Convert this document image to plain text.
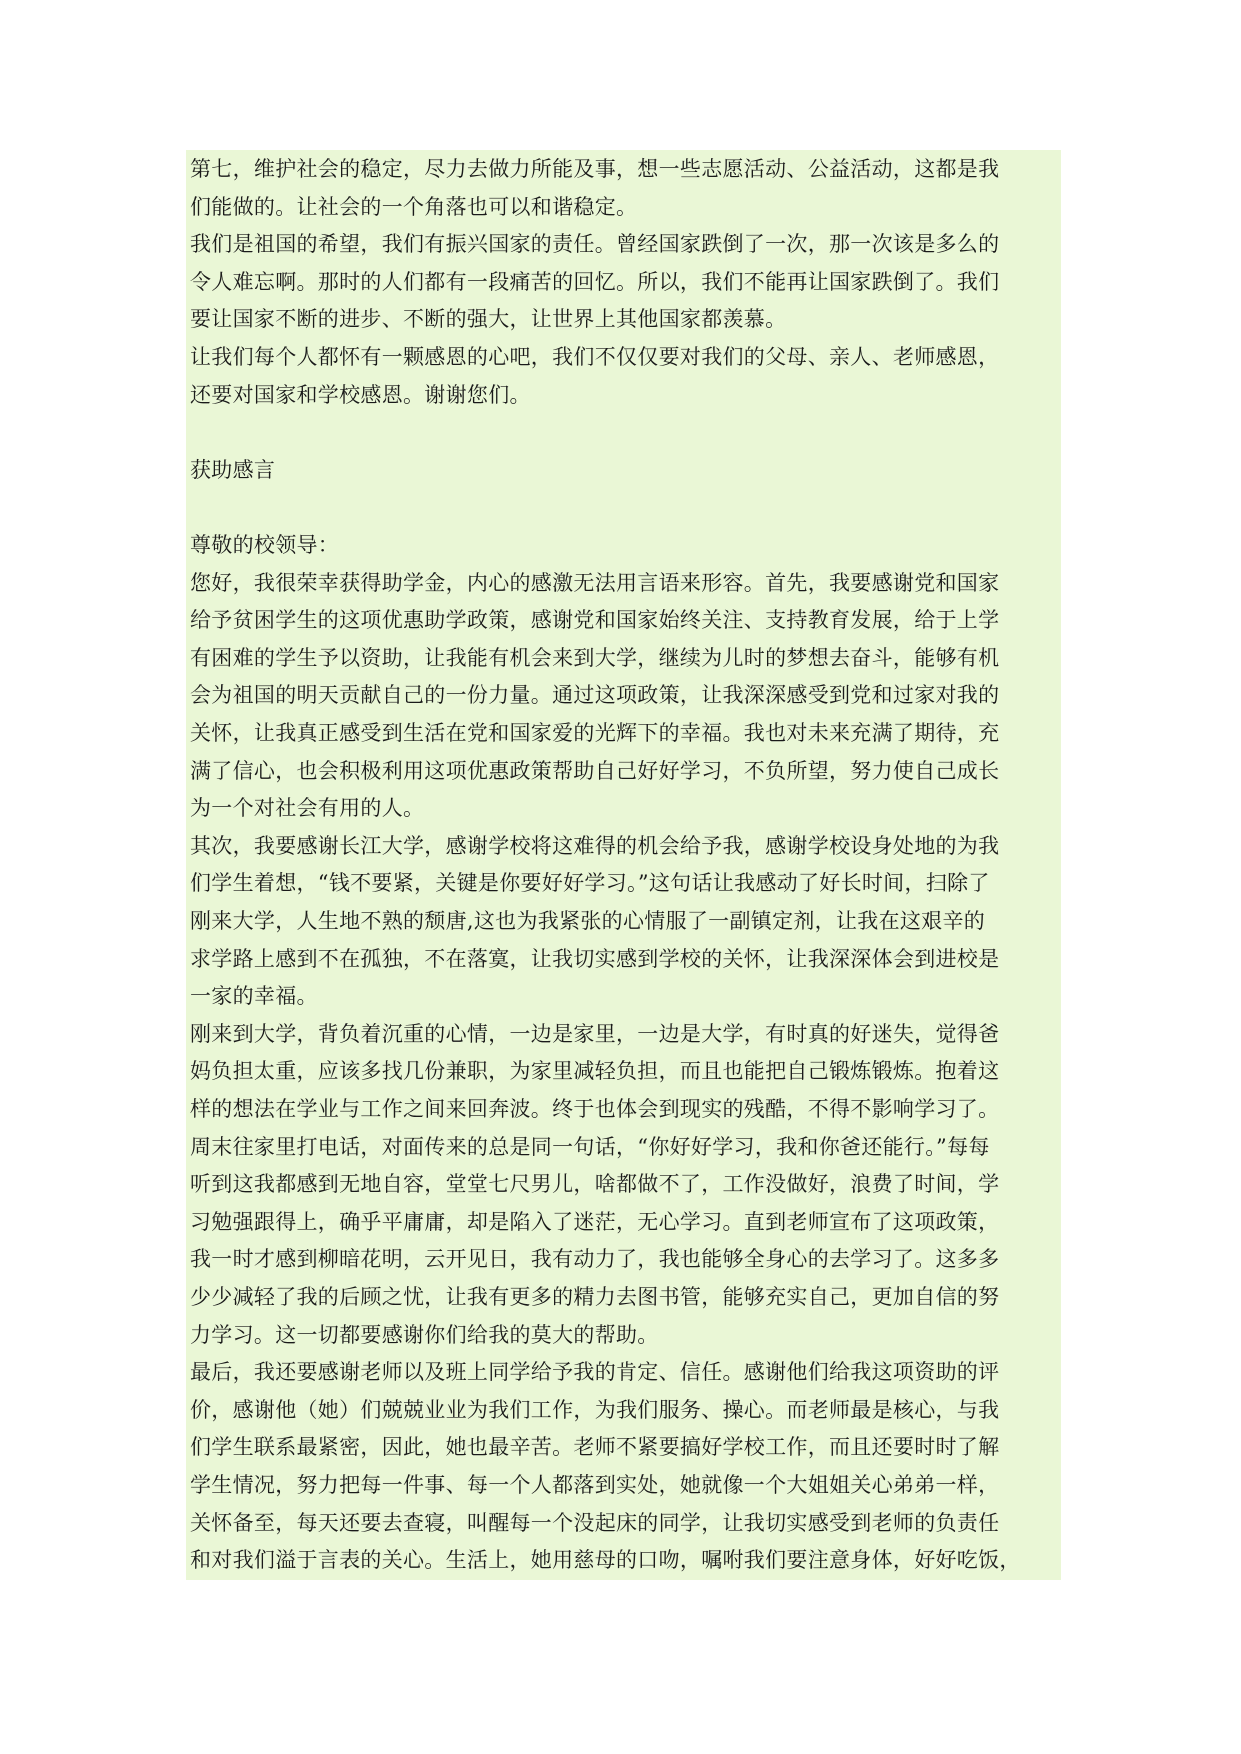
第七，维护社会的稳定，尽力去做力所能及事，想一些志愿活动、公益活动，这都是我
们能做的。让社会的一个角落也可以和谐稳定。
我们是祖国的希望，我们有振兴国家的责任。曾经国家跌倒了一次，那一次该是多么的
令人难忘啊。那时的人们都有一段痛苦的回忆。所以，我们不能再让国家跌倒了。我们
要让国家不断的进步、不断的强大，让世界上其他国家都羡慕。
让我们每个人都怀有一颗感恩的心吧，我们不仅仅要对我们的父母、亲人、老师感恩，
还要对国家和学校感恩。谢谢您们。
获助感言
尊敬的校领导：
您好，我很荣幸获得助学金，内心的感激无法用言语来形容。首先，我要感谢党和国家
给予贫困学生的这项优惠助学政策，感谢党和国家始终关注、支持教育发展，给于上学
有困难的学生予以资助，让我能有机会来到大学，继续为儿时的梦想去奋斗，能够有机
会为祖国的明天贡献自己的一份力量。通过这项政策，让我深深感受到党和过家对我的
关怀，让我真正感受到生活在党和国家爱的光辉下的幸福。我也对未来充满了期待，充
满了信心，也会积极利用这项优惠政策帮助自己好好学习，不负所望，努力使自己成长
为一个对社会有用的人。
其次，我要感谢长江大学，感谢学校将这难得的机会给予我，感谢学校设身处地的为我
们学生着想，“钱不要紧，关键是你要好好学习。”这句话让我感动了好长时间，扫除了
刚来大学，人生地不熟的颓唐,这也为我紧张的心情服了一副镇定剂，让我在这艰辛的
求学路上感到不在孤独，不在落寞，让我切实感到学校的关怀，让我深深体会到进校是
一家的幸福。
刚来到大学，背负着沉重的心情，一边是家里，一边是大学，有时真的好迷失，觉得爸
妈负担太重，应该多找几份兼职，为家里减轻负担，而且也能把自己锻炼锻炼。抱着这
样的想法在学业与工作之间来回奔波。终于也体会到现实的残酷，不得不影响学习了。
周末往家里打电话，对面传来的总是同一句话，“你好好学习，我和你爸还能行。”每每
听到这我都感到无地自容，堂堂七尺男儿，啥都做不了，工作没做好，浪费了时间，学
习勉强跟得上，确乎平庸庸，却是陷入了迷茫，无心学习。直到老师宣布了这项政策，
我一时才感到柳暗花明，云开见日，我有动力了，我也能够全身心的去学习了。这多多
少少减轻了我的后顾之忧，让我有更多的精力去图书管，能够充实自己，更加自信的努
力学习。这一切都要感谢你们给我的莫大的帮助。
最后，我还要感谢老师以及班上同学给予我的肯定、信任。感谢他们给我这项资助的评
价，感谢他（她）们兢兢业业为我们工作，为我们服务、操心。而老师最是核心，与我
们学生联系最紧密，因此，她也最辛苦。老师不紧要搞好学校工作，而且还要时时了解
学生情况，努力把每一件事、每一个人都落到实处，她就像一个大姐姐关心弟弟一样，
关怀备至，每天还要去查寝，叫醒每一个没起床的同学，让我切实感受到老师的负责任
和对我们溢于言表的关心。生活上，她用慈母的口吻，嘱咐我们要注意身体，好好吃饭，
